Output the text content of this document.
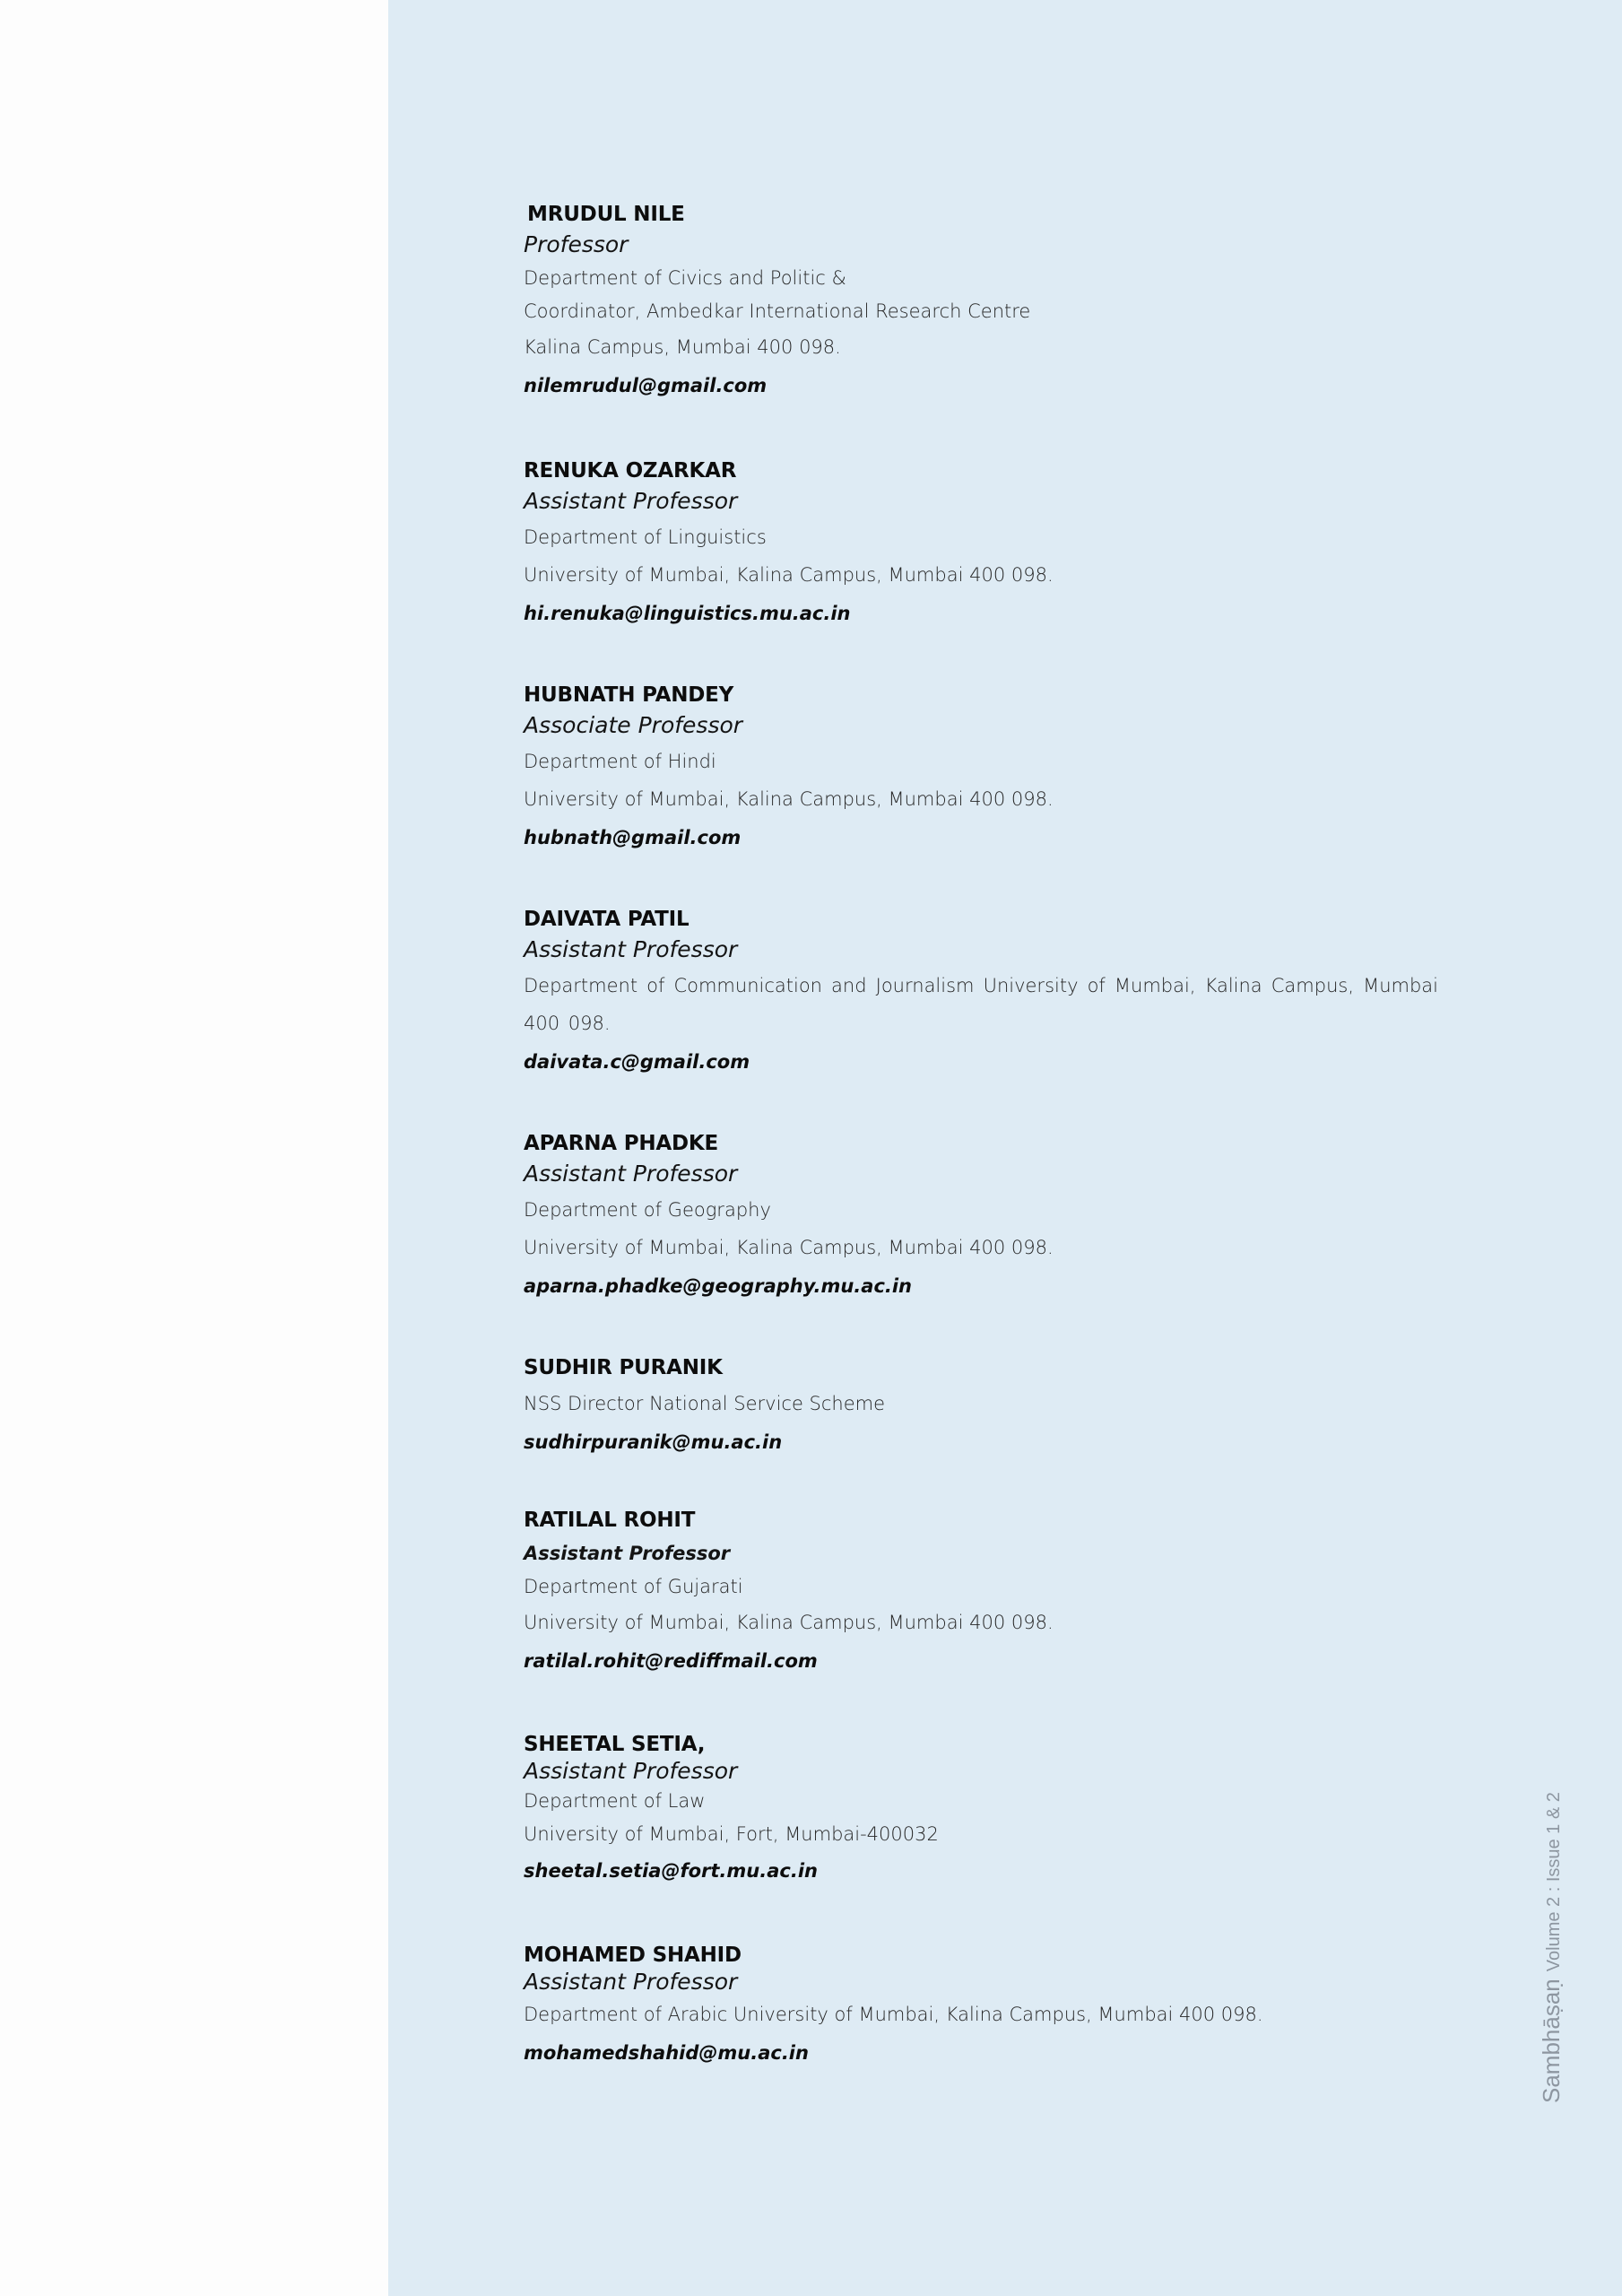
MRUDUL NILE
Professor
Department of Civics and Politic &
Coordinator, Ambedkar International Research Centre
Kalina Campus, Mumbai 400 098.
nilemrudul@gmail.com
RENUKA OZARKAR
Assistant Professor
Department of Linguistics
University of Mumbai, Kalina Campus, Mumbai 400 098.
hi.renuka@linguistics.mu.ac.in
HUBNATH PANDEY
Associate Professor
Department of Hindi
University of Mumbai, Kalina Campus, Mumbai 400 098.
hubnath@gmail.com
DAIVATA PATIL
Assistant Professor
Department of Communication and Journalism University of Mumbai, Kalina Campus, Mumbai 400 098.
daivata.c@gmail.com
APARNA PHADKE
Assistant Professor
Department of Geography
University of Mumbai, Kalina Campus, Mumbai 400 098.
aparna.phadke@geography.mu.ac.in
SUDHIR PURANIK
NSS Director National Service Scheme
sudhirpuranik@mu.ac.in
RATILAL ROHIT
Assistant Professor
Department of Gujarati
University of Mumbai, Kalina Campus, Mumbai 400 098.
ratilal.rohit@rediffmail.com
SHEETAL SETIA,
Assistant Professor
Department of Law
University of Mumbai, Fort, Mumbai-400032
sheetal.setia@fort.mu.ac.in
MOHAMED SHAHID
Assistant Professor
Department of Arabic University of Mumbai, Kalina Campus, Mumbai 400 098.
mohamedshahid@mu.ac.in	SambhāṣaṇVolume 2 : Issue 1 & 2
